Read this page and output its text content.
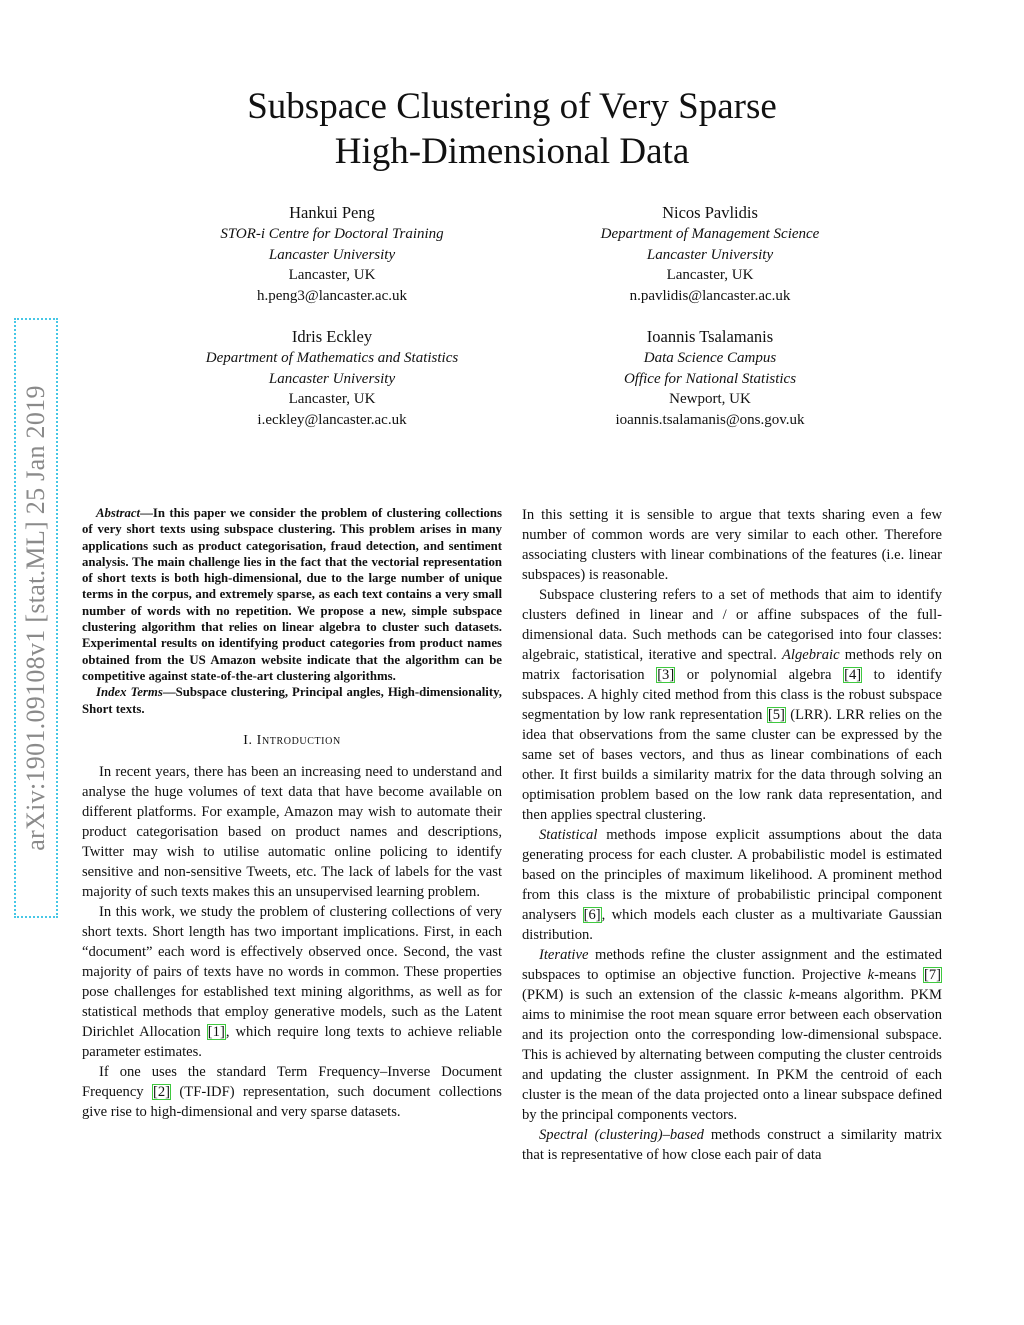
arXiv:1901.09108v1 [stat.ML] 25 Jan 2019
Subspace Clustering of Very Sparse
High-Dimensional Data
Hankui Peng
STOR-i Centre for Doctoral Training
Lancaster University
Lancaster, UK
h.peng3@lancaster.ac.uk
Nicos Pavlidis
Department of Management Science
Lancaster University
Lancaster, UK
n.pavlidis@lancaster.ac.uk
Idris Eckley
Department of Mathematics and Statistics
Lancaster University
Lancaster, UK
i.eckley@lancaster.ac.uk
Ioannis Tsalamanis
Data Science Campus
Office for National Statistics
Newport, UK
ioannis.tsalamanis@ons.gov.uk

Abstract—In this paper we consider the problem of clustering collections of very short texts using subspace clustering. This problem arises in many applications such as product categorisation, fraud detection, and sentiment analysis. The main challenge lies in the fact that the vectorial representation of short texts is both high-dimensional, due to the large number of unique terms in the corpus, and extremely sparse, as each text contains a very small number of words with no repetition. We propose a new, simple subspace clustering algorithm that relies on linear algebra to cluster such datasets. Experimental results on identifying product categories from product names obtained from the US Amazon website indicate that the algorithm can be competitive against state-of-the-art clustering algorithms.

Index Terms—Subspace clustering, Principal angles, High-dimensionality, Short texts.

I. Introduction

In recent years, there has been an increasing need to understand and analyse the huge volumes of text data that have become available on different platforms. For example, Amazon may wish to automate their product categorisation based on product names and descriptions, Twitter may wish to utilise automatic online policing to identify sensitive and non-sensitive Tweets, etc. The lack of labels for the vast majority of such texts makes this an unsupervised learning problem.

In this work, we study the problem of clustering collections of very short texts. Short length has two important implications. First, in each “document” each word is effectively observed once. Second, the vast majority of pairs of texts have no words in common. These properties pose challenges for established text mining algorithms, as well as for statistical methods that employ generative models, such as the Latent Dirichlet Allocation [1], which require long texts to achieve reliable parameter estimates.

If one uses the standard Term Frequency–Inverse Document Frequency [2] (TF-IDF) representation, such document collections give rise to high-dimensional and very sparse datasets.

In this setting it is sensible to argue that texts sharing even a few number of common words are very similar to each other. Therefore associating clusters with linear combinations of the features (i.e. linear subspaces) is reasonable.

Subspace clustering refers to a set of methods that aim to identify clusters defined in linear and / or affine subspaces of the full-dimensional data. Such methods can be categorised into four classes: algebraic, statistical, iterative and spectral. Algebraic methods rely on matrix factorisation [3] or polynomial algebra [4] to identify subspaces. A highly cited method from this class is the robust subspace segmentation by low rank representation [5] (LRR). LRR relies on the idea that observations from the same cluster can be expressed by the same set of bases vectors, and thus as linear combinations of each other. It first builds a similarity matrix for the data through solving an optimisation problem based on the low rank data representation, and then applies spectral clustering.

Statistical methods impose explicit assumptions about the data generating process for each cluster. A probabilistic model is estimated based on the principles of maximum likelihood. A prominent method from this class is the mixture of probabilistic principal component analysers [6], which models each cluster as a multivariate Gaussian distribution.

Iterative methods refine the cluster assignment and the estimated subspaces to optimise an objective function. Projective k-means [7] (PKM) is such an extension of the classic k-means algorithm. PKM aims to minimise the root mean square error between each observation and its projection onto the corresponding low-dimensional subspace. This is achieved by alternating between computing the cluster centroids and updating the cluster assignment. In PKM the centroid of each cluster is the mean of the data projected onto a linear subspace defined by the principal components vectors.

Spectral (clustering)–based methods construct a similarity matrix that is representative of how close each pair of data
